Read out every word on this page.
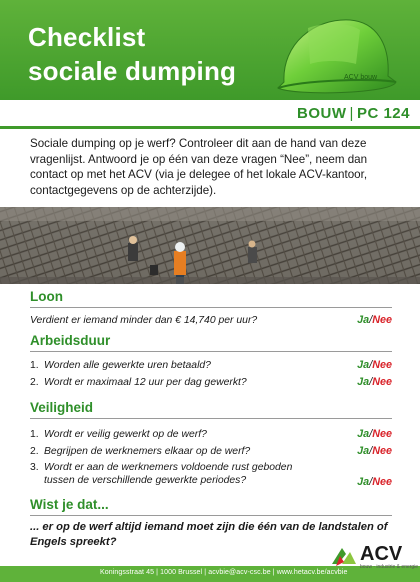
Checklist
sociale dumping	ACV bouw
BOUW | PC 124
Sociale dumping op je werf? Controleer dit aan de hand van deze vragenlijst. Antwoord je op één van deze vragen “Nee”, neem dan contact op met het ACV (via je delegee of het lokale ACV-kantoor, contactgegevens op de achterzijde).
Loon
Verdient er iemand minder dan € 14,740 per uur?	Ja/Nee
Arbeidsduur
1. Worden alle gewerkte uren betaald?	Ja/Nee
2. Wordt er maximaal 12 uur per dag gewerkt?	Ja/Nee
Veiligheid
1. Wordt er veilig gewerkt op de werf?	Ja/Nee
2. Begrijpen de werknemers elkaar op de werf?	Ja/Nee
3. Wordt er aan de werknemers voldoende rust geboden tussen de verschillende gewerkte periodes?	Ja/Nee
Wist je dat...
... er op de werf altijd iemand moet zijn die één van de landstalen of Engels spreekt?
Koningsstraat 45 | 1000 Brussel | acvbie@acv-csc.be | www.hetacv.be/acvbie
ACV
bouw - industrie & energie
